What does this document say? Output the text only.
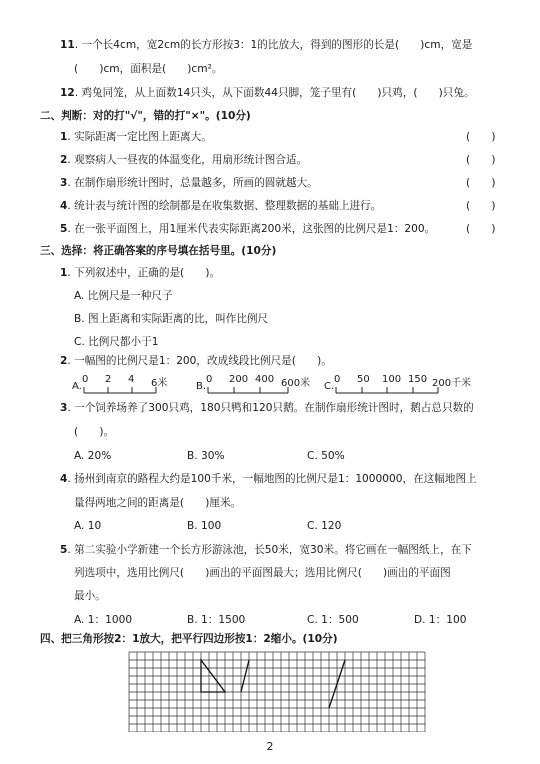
11. 一个长4cm，宽2cm的长方形按3：1的比放大，得到的图形的长是(　　)cm，宽是
(　　)cm，面积是(　　)cm²。
12. 鸡兔同笼，从上面数14只头，从下面数44只脚，笼子里有(　　)只鸡，(　　)只兔。
二、判断：对的打"√"，错的打"×"。(10分)
1. 实际距离一定比图上距离大。	(　　)
2. 观察病人一昼夜的体温变化，用扇形统计图合适。	(　　)
3. 在制作扇形统计图时，总量越多，所画的圆就越大。	(　　)
4. 统计表与统计图的绘制都是在收集数据、整理数据的基础上进行。	(　　)
5. 在一张平面图上，用1厘米代表实际距离200米，这张图的比例尺是1：200。	(　　)
三、选择：将正确答案的序号填在括号里。(10分)
1. 下列叙述中，正确的是(　　)。
A. 比例尺是一种尺子
B. 图上距离和实际距离的比，叫作比例尺
C. 比例尺都小于1
2. 一幅图的比例尺是1：200，改成线段比例尺是(　　)。
A.
0 2 4 6米	B.
0 200 400 600米 C.
0 50 100 150 200千米
3. 一个饲养场养了300只鸡，180只鸭和120只鹅。在制作扇形统计图时，鹅占总只数的
(　　)。
A. 20%	B. 30%	C. 50%
4. 扬州到南京的路程大约是100千米，一幅地图的比例尺是1：1000000，在这幅地图上
量得两地之间的距离是(　　)厘米。
A. 10	B. 100	C. 120
5. 第二实验小学新建一个长方形游泳池，长50米，宽30米。将它画在一幅图纸上，在下
列选项中，选用比例尺(　　)画出的平面图最大；选用比例尺(　　)画出的平面图
最小。
A. 1：1000	B. 1：1500	C. 1：500	D. 1：100
四、把三角形按2：1放大，把平行四边形按1：2缩小。(10分)
2
